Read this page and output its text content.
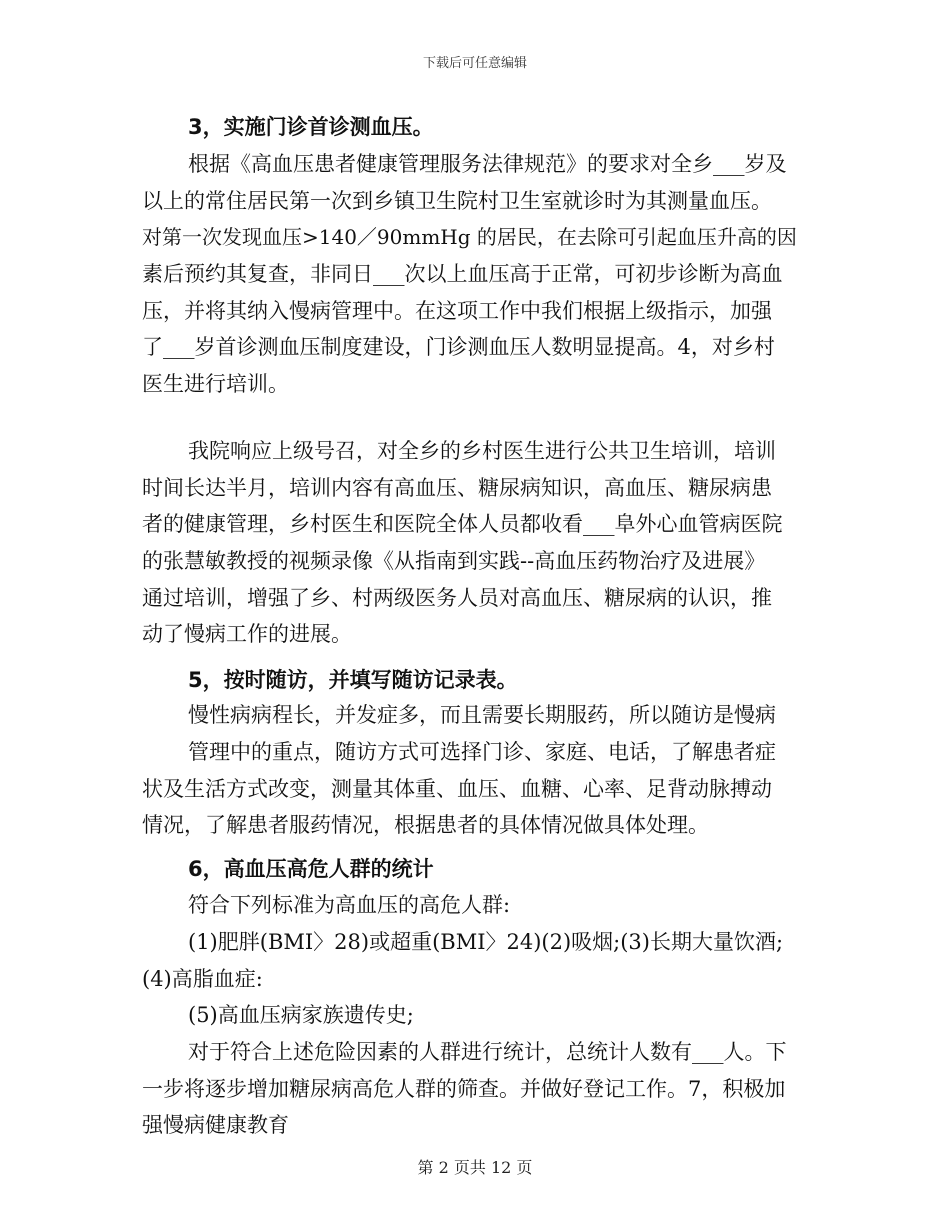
下载后可任意编辑
3，实施门诊首诊测血压。
根据《高血压患者健康管理服务法律规范》的要求对全乡___岁及
以上的常住居民第一次到乡镇卫生院村卫生室就诊时为其测量血压。
对第一次发现血压>140／90mmHg 的居民，在去除可引起血压升高的因
素后预约其复查，非同日___次以上血压高于正常，可初步诊断为高血
压，并将其纳入慢病管理中。在这项工作中我们根据上级指示，加强
了___岁首诊测血压制度建设，门诊测血压人数明显提高。4，对乡村
医生进行培训。
我院响应上级号召，对全乡的乡村医生进行公共卫生培训，培训
时间长达半月，培训内容有高血压、糖尿病知识，高血压、糖尿病患
者的健康管理，乡村医生和医院全体人员都收看___阜外心血管病医院
的张慧敏教授的视频录像《从指南到实践--高血压药物治疗及进展》
通过培训，增强了乡、村两级医务人员对高血压、糖尿病的认识，推
动了慢病工作的进展。
5，按时随访，并填写随访记录表。
慢性病病程长，并发症多，而且需要长期服药，所以随访是慢病
管理中的重点，随访方式可选择门诊、家庭、电话，了解患者症
状及生活方式改变，测量其体重、血压、血糖、心率、足背动脉搏动
情况，了解患者服药情况，根据患者的具体情况做具体处理。
6，高血压高危人群的统计
符合下列标准为高血压的高危人群:
(1)肥胖(BMI〉28)或超重(BMI〉24)(2)吸烟;(3)长期大量饮酒;
(4)高脂血症:
(5)高血压病家族遗传史;
对于符合上述危险因素的人群进行统计，总统计人数有___人。下
一步将逐步增加糖尿病高危人群的筛查。并做好登记工作。7，积极加
强慢病健康教育
第 2 页共 12 页
